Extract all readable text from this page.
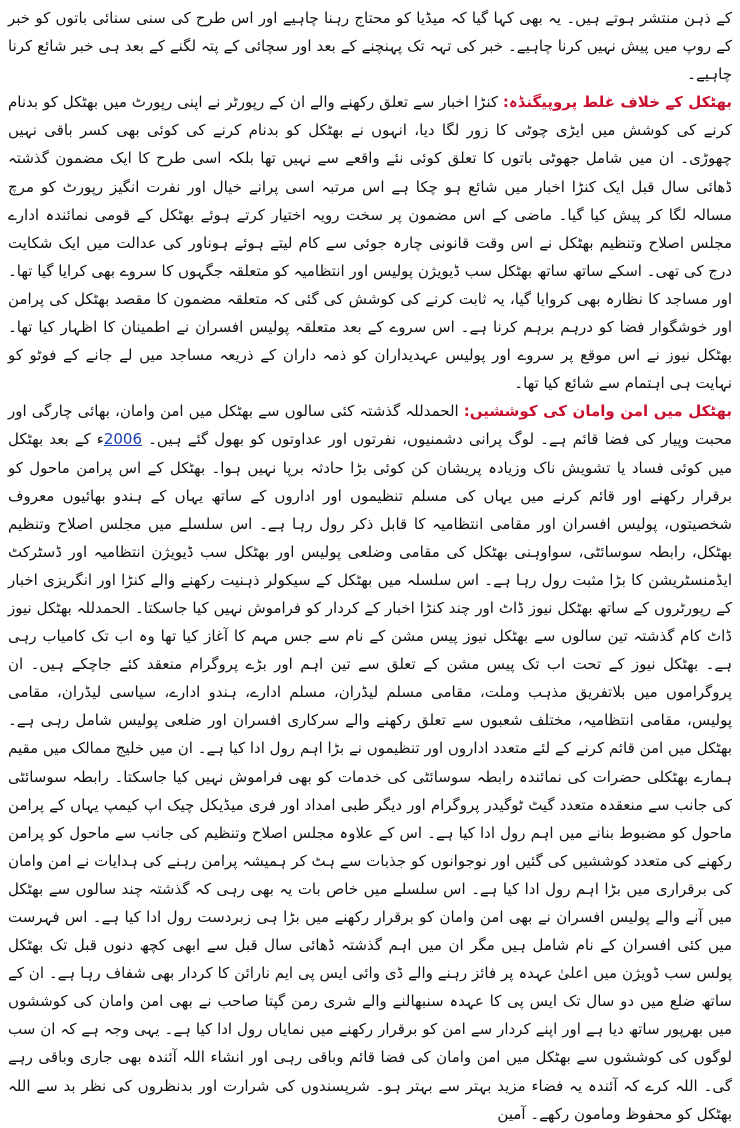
کے ذہن منتشر ہوتے ہیں۔ یہ بھی کہا گیا کہ میڈیا کو محتاج رہنا چاہیے اور اس طرح کی سنی سنائی باتوں کو خبر کے روپ میں پیش نہیں کرنا چاہیے۔ خبر کی تہہ تک پہنچنے کے بعد اور سچائی کے پتہ لگنے کے بعد ہی خبر شائع کرنا چاہیے۔

بھٹکل کے خلاف غلط پروپیگنڈہ: کنڑا اخبار سے تعلق رکھنے والے ان کے رپورٹر نے اپنی رپورٹ میں بھٹکل کو بدنام کرنے کی کوشش میں ایڑی چوٹی کا زور لگا دیا، انہوں نے بھٹکل کو بدنام کرنے کی کوئی بھی کسر باقی نہیں چھوڑی۔ ان میں شامل جھوٹی باتوں کا تعلق کوئی نئے واقعے سے نہیں تھا بلکہ اسی طرح کا ایک مضمون گذشتہ ڈھائی سال قبل ایک کنڑا اخبار میں شائع ہو چکا ہے اس مرتبہ اسی پرانے خیال اور نفرت انگیز رپورٹ کو مرچ مسالہ لگا کر پیش کیا گیا۔ ماضی کے اس مضمون پر سخت رویہ اختیار کرتے ہوئے بھٹکل کے قومی نمائندہ ادارے مجلس اصلاح وتنظیم بھٹکل نے اس وقت قانونی چارہ جوئی سے کام لیتے ہوئے ہوناور کی عدالت میں ایک شکایت درج کی تھی۔ اسکے ساتھ ساتھ بھٹکل سب ڈیویژن پولیس اور انتظامیہ کو متعلقہ جگہوں کا سروے بھی کرایا گیا تھا۔ اور مساجد کا نظارہ بھی کروایا گیا، یہ ثابت کرنے کی کوشش کی گئی کہ متعلقہ مضمون کا مقصد بھٹکل کی پرامن اور خوشگوار فضا کو درہم برہم کرنا ہے۔ اس سروے کے بعد متعلقہ پولیس افسران نے اطمینان کا اظہار کیا تھا۔ بھٹکل نیوز نے اس موقع پر سروے اور پولیس عہدیداران کو ذمہ داران کے ذریعہ مساجد میں لے جانے کے فوٹو کو نہایت ہی اہتمام سے شائع کیا تھا۔

بھٹکل میں امن وامان کی کوششیں: الحمدللہ گذشتہ کئی سالوں سے بھٹکل میں امن وامان، بھائی چارگی اور محبت وپیار کی فضا قائم ہے۔ لوگ پرانی دشمنیوں، نفرتوں اور عداوتوں کو بھول گئے ہیں۔ 2006ء کے بعد بھٹکل میں کوئی فساد یا تشویش ناک وزیادہ پریشان کن کوئی بڑا حادثہ برپا نہیں ہوا۔ بھٹکل کے اس پرامن ماحول کو برقرار رکھنے اور قائم کرنے میں یہاں کی مسلم تنظیموں اور اداروں کے ساتھ یہاں کے ہندو بھائیوں معروف شخصیتوں، پولیس افسران اور مقامی انتظامیہ کا قابل ذکر رول رہا ہے۔ اس سلسلے میں مجلس اصلاح وتنظیم بھٹکل، رابطہ سوسائٹی، سواوہنی بھٹکل کی مقامی وضلعی پولیس اور بھٹکل سب ڈیویژن انتظامیہ اور ڈسٹرکٹ ایڈمنسٹریشن کا بڑا مثبت رول رہا ہے۔ اس سلسلہ میں بھٹکل کے سیکولر ذہنیت رکھنے والے کنڑا اور انگریزی اخبار کے رپورٹروں کے ساتھ بھٹکل نیوز ڈاٹ اور چند کنڑا اخبار کے کردار کو فراموش نہیں کیا جاسکتا۔ الحمدللہ بھٹکل نیوز ڈاٹ کام گذشتہ تین سالوں سے بھٹکل نیوز پیس مشن کے نام سے جس مہم کا آغاز کیا تھا وہ اب تک کامیاب رہی ہے۔ بھٹکل نیوز کے تحت اب تک پیس مشن کے تعلق سے تین اہم اور بڑے پروگرام منعقد کئے جاچکے ہیں۔ ان پروگراموں میں بلاتفریق مذہب وملت، مقامی مسلم لیڈران، مسلم ادارے، ہندو ادارے، سیاسی لیڈران، مقامی پولیس، مقامی انتظامیہ، مختلف شعبوں سے تعلق رکھنے والے سرکاری افسران اور ضلعی پولیس شامل رہی ہے۔ بھٹکل میں امن قائم کرنے کے لئے متعدد اداروں اور تنظیموں نے بڑا اہم رول ادا کیا ہے۔ ان میں خلیج ممالک میں مقیم ہمارے بھٹکلی حضرات کی نمائندہ رابطہ سوسائٹی کی خدمات کو بھی فراموش نہیں کیا جاسکتا۔ رابطہ سوسائٹی کی جانب سے منعقدہ متعدد گیٹ ٹوگیدر پروگرام اور دیگر طبی امداد اور فری میڈیکل چیک اپ کیمپ یہاں کے پرامن ماحول کو مضبوط بنانے میں اہم رول ادا کیا ہے۔ اس کے علاوہ مجلس اصلاح وتنظیم کی جانب سے ماحول کو پرامن رکھنے کی متعدد کوششیں کی گئیں اور نوجوانوں کو جذبات سے ہٹ کر ہمیشہ پرامن رہنے کی ہدایات نے امن وامان کی برقراری میں بڑا اہم رول ادا کیا ہے۔ اس سلسلے میں خاص بات یہ بھی رہی کہ گذشتہ چند سالوں سے بھٹکل میں آنے والے پولیس افسران نے بھی امن وامان کو برقرار رکھنے میں بڑا ہی زبردست رول ادا کیا ہے۔ اس فہرست میں کئی افسران کے نام شامل ہیں مگر ان میں اہم گذشتہ ڈھائی سال قبل سے ابھی کچھ دنوں قبل تک بھٹکل پولس سب ڈویژن میں اعلیٰ عہدہ پر فائز رہنے والے ڈی وائی ایس پی ایم نارائن کا کردار بھی شفاف رہا ہے۔ ان کے ساتھ ضلع میں دو سال تک ایس پی کا عہدہ سنبھالنے والے شری رمن گپتا صاحب نے بھی امن وامان کی کوششوں میں بھرپور ساتھ دیا ہے اور اپنے کردار سے امن کو برقرار رکھنے میں نمایاں رول ادا کیا ہے۔ یہی وجہ ہے کہ ان سب لوگوں کی کوششوں سے بھٹکل میں امن وامان کی فضا قائم وباقی رہی اور انشاء اللہ آئندہ بھی جاری وباقی رہے گی۔ اللہ کرے کہ آئندہ یہ فضاء مزید بہتر سے بہتر ہو۔ شرپسندوں کی شرارت اور بدنظروں کی نظر بد سے اللہ بھٹکل کو محفوظ ومامون رکھے۔ آمین
